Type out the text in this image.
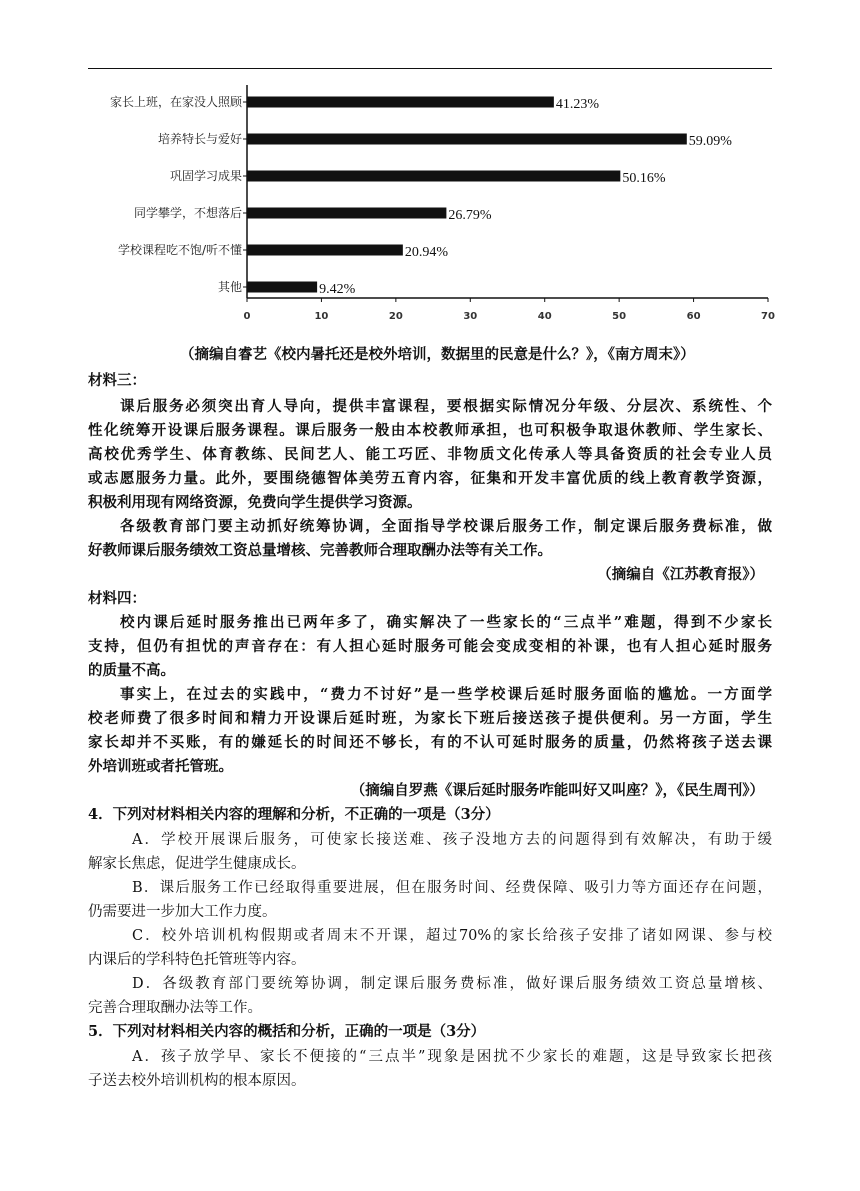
0	10	20	30	40	50	60	70
家长上班，在家没人照顾	41.23%
培养特长与爱好	59.09%
巩固学习成果	50.16%
同学攀学，不想落后	26.79%
学校课程吃不饱/听不懂	20.94%
其他	9.42%
（摘编自睿艺《校内暑托还是校外培训，数据里的民意是什么？》，《南方周末》）
材料三：
课后服务必须突出育人导向，提供丰富课程，要根据实际情况分年级、分层次、系统性、个
性化统筹开设课后服务课程。课后服务一般由本校教师承担，也可积极争取退休教师、学生家长、
高校优秀学生、体育教练、民间艺人、能工巧匠、非物质文化传承人等具备资质的社会专业人员
或志愿服务力量。此外，要围绕德智体美劳五育内容，征集和开发丰富优质的线上教育教学资源，
积极利用现有网络资源，免费向学生提供学习资源。
各级教育部门要主动抓好统筹协调，全面指导学校课后服务工作，制定课后服务费标准，做
好教师课后服务绩效工资总量增核、完善教师合理取酬办法等有关工作。
（摘编自《江苏教育报》）
材料四：
校内课后延时服务推出已两年多了，确实解决了一些家长的“三点半”难题，得到不少家长
支持，但仍有担忧的声音存在：有人担心延时服务可能会变成变相的补课，也有人担心延时服务
的质量不高。
事实上，在过去的实践中，“费力不讨好”是一些学校课后延时服务面临的尴尬。一方面学
校老师费了很多时间和精力开设课后延时班，为家长下班后接送孩子提供便利。另一方面，学生
家长却并不买账，有的嫌延长的时间还不够长，有的不认可延时服务的质量，仍然将孩子送去课
外培训班或者托管班。
（摘编自罗燕《课后延时服务咋能叫好又叫座？》，《民生周刊》）
4．下列对材料相关内容的理解和分析，不正确的一项是（3分）
A．学校开展课后服务，可使家长接送难、孩子没地方去的问题得到有效解决，有助于缓
解家长焦虑，促进学生健康成长。
B．课后服务工作已经取得重要进展，但在服务时间、经费保障、吸引力等方面还存在问题，
仍需要进一步加大工作力度。
C．校外培训机构假期或者周末不开课，超过70%的家长给孩子安排了诸如网课、参与校
内课后的学科特色托管班等内容。
D．各级教育部门要统筹协调，制定课后服务费标准，做好课后服务绩效工资总量增核、
完善合理取酬办法等工作。
5．下列对材料相关内容的概括和分析，正确的一项是（3分）
A．孩子放学早、家长不便接的“三点半”现象是困扰不少家长的难题，这是导致家长把孩
子送去校外培训机构的根本原因。
